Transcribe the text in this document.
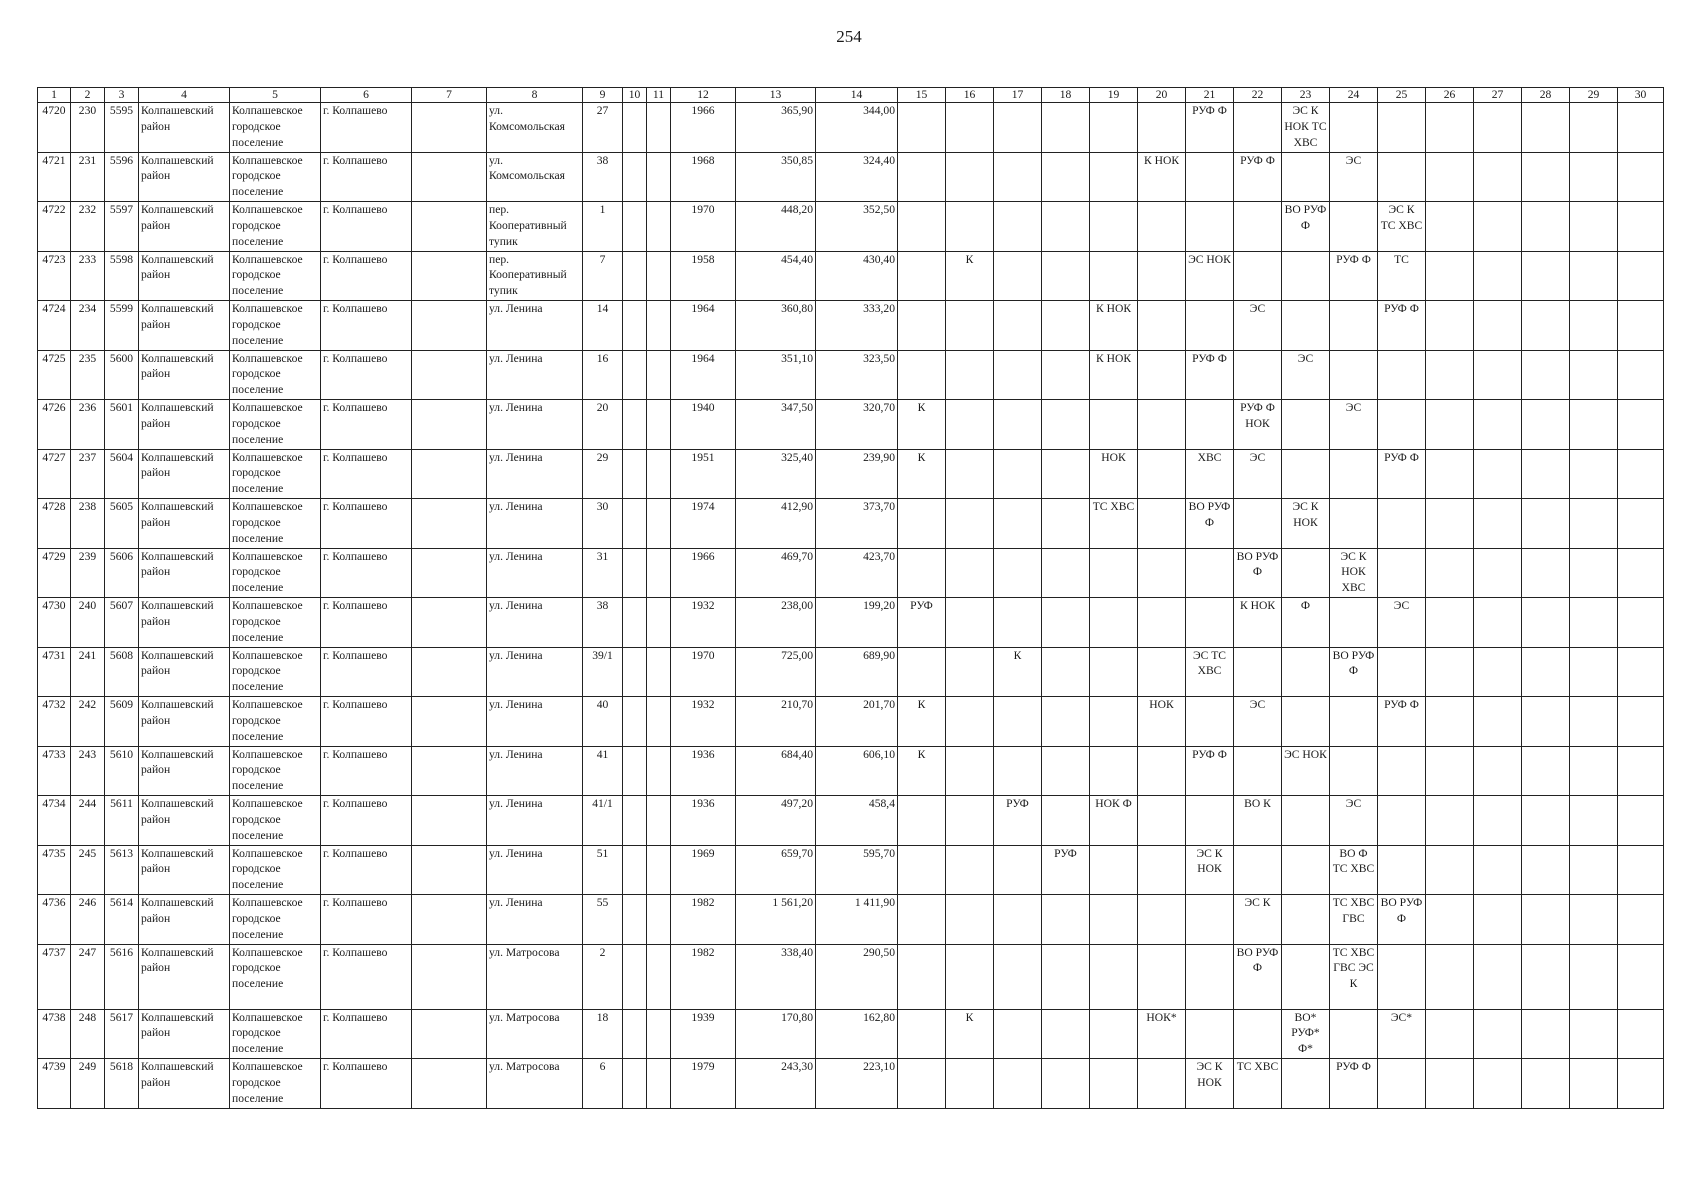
254
1	2	3	4	5	6	7	8	9	10	11	12	13	14	15	16	17	18	19	20	21	22	23	24	25	26	27	28	29	30
4720	230	5595	Колпашевский район	Колпашевское городское поселение	г. Колпашево		ул. Комсомольская	27			1966	365,90	344,00							РУФ Ф		ЭС К НОК ТС ХВС							
4721	231	5596	Колпашевский район	Колпашевское городское поселение	г. Колпашево		ул. Комсомольская	38			1968	350,85	324,40						К НОК		РУФ Ф		ЭС						
4722	232	5597	Колпашевский район	Колпашевское городское поселение	г. Колпашево		пер. Кооперативный тупик	1			1970	448,20	352,50									ВО РУФ Ф		ЭС К ТС ХВС					
4723	233	5598	Колпашевский район	Колпашевское городское поселение	г. Колпашево		пер. Кооперативный тупик	7			1958	454,40	430,40		К					ЭС НОК			РУФ Ф	ТС					
4724	234	5599	Колпашевский район	Колпашевское городское поселение	г. Колпашево		ул. Ленина	14			1964	360,80	333,20					К НОК			ЭС			РУФ Ф					
4725	235	5600	Колпашевский район	Колпашевское городское поселение	г. Колпашево		ул. Ленина	16			1964	351,10	323,50					К НОК		РУФ Ф		ЭС							
4726	236	5601	Колпашевский район	Колпашевское городское поселение	г. Колпашево		ул. Ленина	20			1940	347,50	320,70	К							РУФ Ф НОК		ЭС						
4727	237	5604	Колпашевский район	Колпашевское городское поселение	г. Колпашево		ул. Ленина	29			1951	325,40	239,90	К				НОК		ХВС	ЭС			РУФ Ф					
4728	238	5605	Колпашевский район	Колпашевское городское поселение	г. Колпашево		ул. Ленина	30			1974	412,90	373,70					ТС ХВС		ВО РУФ Ф		ЭС К НОК							
4729	239	5606	Колпашевский район	Колпашевское городское поселение	г. Колпашево		ул. Ленина	31			1966	469,70	423,70								ВО РУФ Ф		ЭС К НОК ХВС						
4730	240	5607	Колпашевский район	Колпашевское городское поселение	г. Колпашево		ул. Ленина	38			1932	238,00	199,20	РУФ							К НОК	Ф		ЭС					
4731	241	5608	Колпашевский район	Колпашевское городское поселение	г. Колпашево		ул. Ленина	39/1			1970	725,00	689,90			К				ЭС ТС ХВС			ВО РУФ Ф						
4732	242	5609	Колпашевский район	Колпашевское городское поселение	г. Колпашево		ул. Ленина	40			1932	210,70	201,70	К					НОК		ЭС			РУФ Ф					
4733	243	5610	Колпашевский район	Колпашевское городское поселение	г. Колпашево		ул. Ленина	41			1936	684,40	606,10	К						РУФ Ф		ЭС НОК							
4734	244	5611	Колпашевский район	Колпашевское городское поселение	г. Колпашево		ул. Ленина	41/1			1936	497,20	458,4			РУФ		НОК Ф			ВО К		ЭС						
4735	245	5613	Колпашевский район	Колпашевское городское поселение	г. Колпашево		ул. Ленина	51			1969	659,70	595,70				РУФ			ЭС К НОК			ВО Ф ТС ХВС						
4736	246	5614	Колпашевский район	Колпашевское городское поселение	г. Колпашево		ул. Ленина	55			1982	1 561,20	1 411,90								ЭС К		ТС ХВС ГВС	ВО РУФ Ф					
4737	247	5616	Колпашевский район	Колпашевское городское поселение	г. Колпашево		ул. Матросова	2			1982	338,40	290,50								ВО РУФ Ф		ТС ХВС ГВС ЭС К						
4738	248	5617	Колпашевский район	Колпашевское городское поселение	г. Колпашево		ул. Матросова	18			1939	170,80	162,80		К				НОК*			ВО* РУФ* Ф*		ЭС*					
4739	249	5618	Колпашевский район	Колпашевское городское поселение	г. Колпашево		ул. Матросова	6			1979	243,30	223,10							ЭС К НОК	ТС ХВС		РУФ Ф						
